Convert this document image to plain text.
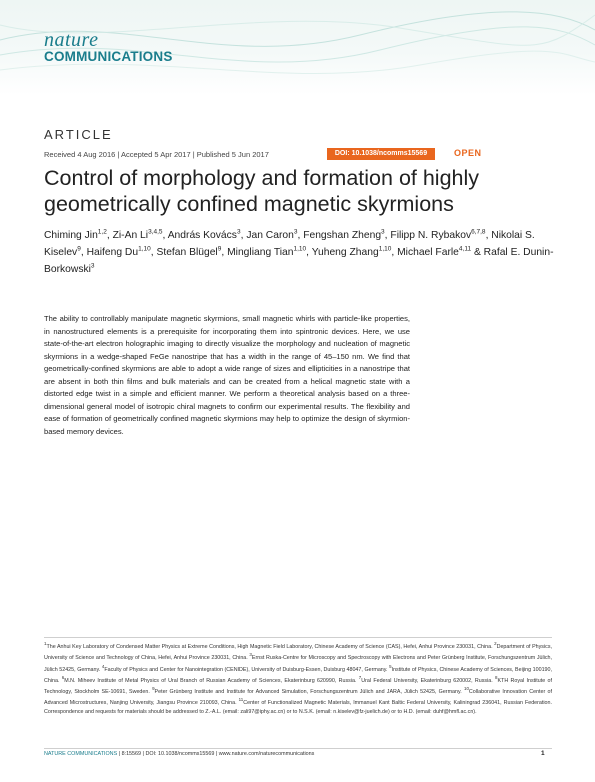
nature
COMMUNICATIONS
ARTICLE
Received 4 Aug 2016 | Accepted 5 Apr 2017 | Published 5 Jun 2017	DOI: 10.1038/ncomms15569	OPEN
Control of morphology and formation of highly geometrically confined magnetic skyrmions
Chiming Jin$^{1,2}$, Zi-An Li$^{3,4,5}$, András Kovács$^3$, Jan Caron$^3$, Fengshan Zheng$^3$, Filipp N. Rybakov$^{6,7,8}$, Nikolai S. Kiselev$^9$, Haifeng Du$^{1,10}$, Stefan Blügel$^9$, Mingliang Tian$^{1,10}$, Yuheng Zhang$^{1,10}$, Michael Farle$^{4,11}$ & Rafal E. Dunin-Borkowski$^3$

The ability to controllably manipulate magnetic skyrmions, small magnetic whirls with particle-like properties, in nanostructured elements is a prerequisite for incorporating them into spintronic devices. Here, we use state-of-the-art electron holographic imaging to directly visualize the morphology and nucleation of magnetic skyrmions in a wedge-shaped FeGe nanostripe that has a width in the range of 45–150 nm. We find that geometrically-confined skyrmions are able to adopt a wide range of sizes and ellipticities in a nanostripe that are absent in both thin films and bulk materials and can be created from a helical magnetic state with a distorted edge twist in a simple and efficient manner. We perform a theoretical analysis based on a three-dimensional general model of isotropic chiral magnets to confirm our experimental results. The flexibility and ease of formation of geometrically confined magnetic skyrmions may help to optimize the design of skyrmion-based memory devices.

$^1$The Anhui Key Laboratory of Condensed Matter Physics at Extreme Conditions, High Magnetic Field Laboratory, Chinese Academy of Science (CAS), Hefei, Anhui Province 230031, China. $^2$Department of Physics, University of Science and Technology of China, Hefei, Anhui Province 230031, China. $^3$Ernst Ruska-Centre for Microscopy and Spectroscopy with Electrons and Peter Grünberg Institute, Forschungszentrum Jülich, Jülich 52425, Germany. $^4$Faculty of Physics and Center for Nanointegration (CENIDE), University of Duisburg-Essen, Duisburg 48047, Germany. $^5$Institute of Physics, Chinese Academy of Sciences, Beijing 100190, China. $^6$M.N. Miheev Institute of Metal Physics of Ural Branch of Russian Academy of Sciences, Ekaterinburg 620990, Russia. $^7$Ural Federal University, Ekaterinburg 620002, Russia. $^8$KTH Royal Institute of Technology, Stockholm SE-10691, Sweden. $^9$Peter Grünberg Institute and Institute for Advanced Simulation, Forschungszentrum Jülich and JARA, Jülich 52425, Germany. $^{10}$Collaborative Innovation Center of Advanced Microstructures, Nanjing University, Jiangsu Province 210093, China. $^{11}$Center of Functionalized Magnetic Materials, Immanuel Kant Baltic Federal University, Kaliningrad 236041, Russian Federation. Correspondence and requests for materials should be addressed to Z.-A.L. (email: zali97@iphy.ac.cn) or to N.S.K. (email: n.kiselev@fz-juelich.de) or to H.D. (email: duhf@hmfl.ac.cn).
NATURE COMMUNICATIONS | 8:15569 | DOI: 10.1038/ncomms15569 | www.nature.com/naturecommunications	1
